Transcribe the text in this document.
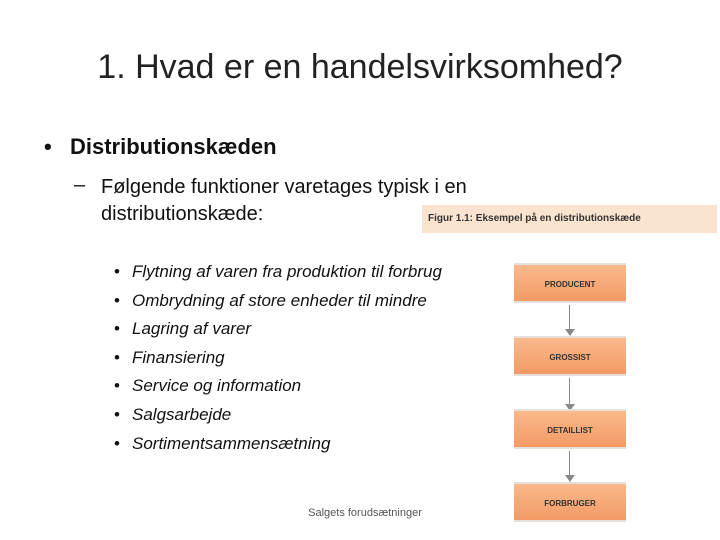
1. Hvad er en handelsvirksomhed?
• Distributionskæden
– Følgende funktioner varetages typisk i en distributionskæde:
• Flytning af varen fra produktion til forbrug
• Ombrydning af store enheder til mindre
• Lagring af varer
• Finansiering
• Service og information
• Salgsarbejde
• Sortimentsammensætning
Figur 1.1: Eksempel på en distributionskæde
PRODUCENT
GROSSIST
DETAILLIST
FORBRUGER
Salgets forudsætninger
